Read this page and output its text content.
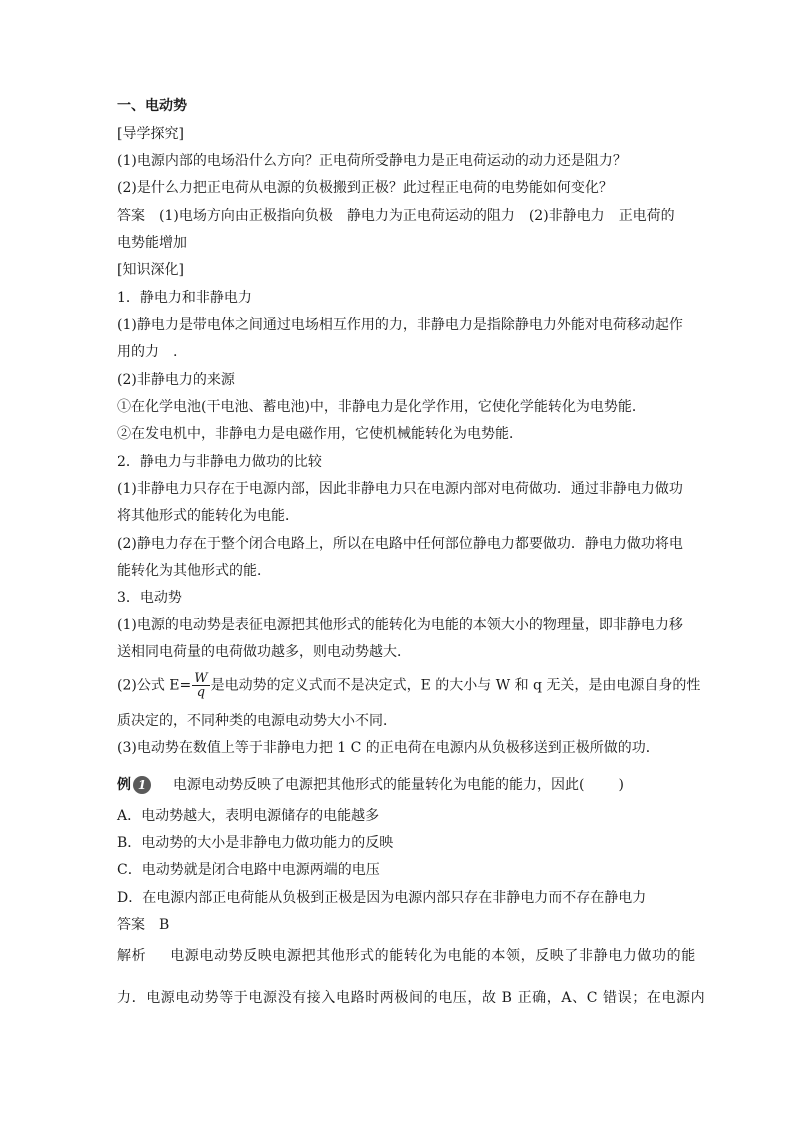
一、电动势
[导学探究]
(1)电源内部的电场沿什么方向？正电荷所受静电力是正电荷运动的动力还是阻力？
(2)是什么力把正电荷从电源的负极搬到正极？此过程正电荷的电势能如何变化？
答案 (1)电场方向由正极指向负极 静电力为正电荷运动的阻力 (2)非静电力 正电荷的
电势能增加
[知识深化]
1．静电力和非静电力
(1)静电力是带电体之间通过电场相互作用的力，非静电力是指除静电力外能对电荷移动起作
用的力　.
(2)非静电力的来源
①在化学电池(干电池、蓄电池)中，非静电力是化学作用，它使化学能转化为电势能．
②在发电机中，非静电力是电磁作用，它使机械能转化为电势能．
2．静电力与非静电力做功的比较
(1)非静电力只存在于电源内部，因此非静电力只在电源内部对电荷做功．通过非静电力做功
将其他形式的能转化为电能．
(2)静电力存在于整个闭合电路上，所以在电路中任何部位静电力都要做功．静电力做功将电
能转化为其他形式的能．
3．电动势
(1)电源的电动势是表征电源把其他形式的能转化为电能的本领大小的物理量，即非静电力移
送相同电荷量的电荷做功越多，则电动势越大．
(2)公式 $E= \frac{W}{q}$ 是电动势的定义式而不是决定式，E 的大小与 W 和 q 无关，是由电源自身的性
质决定的，不同种类的电源电动势大小不同．
(3)电动势在数值上等于非静电力把 1 C 的正电荷在电源内从负极移送到正极所做的功．
例 1	电源电动势反映了电源把其他形式的能量转化为电能的能力，因此( )
A．电动势越大，表明电源储存的电能越多
B．电动势的大小是非静电力做功能力的反映
C．电动势就是闭合电路中电源两端的电压
D．在电源内部正电荷能从负极到正极是因为电源内部只存在非静电力而不存在静电力
答案 B
解析 电源电动势反映电源把其他形式的能转化为电能的本领，反映了非静电力做功的能
力．电源电动势等于电源没有接入电路时两极间的电压，故 B 正确，A、C 错误；在电源内
